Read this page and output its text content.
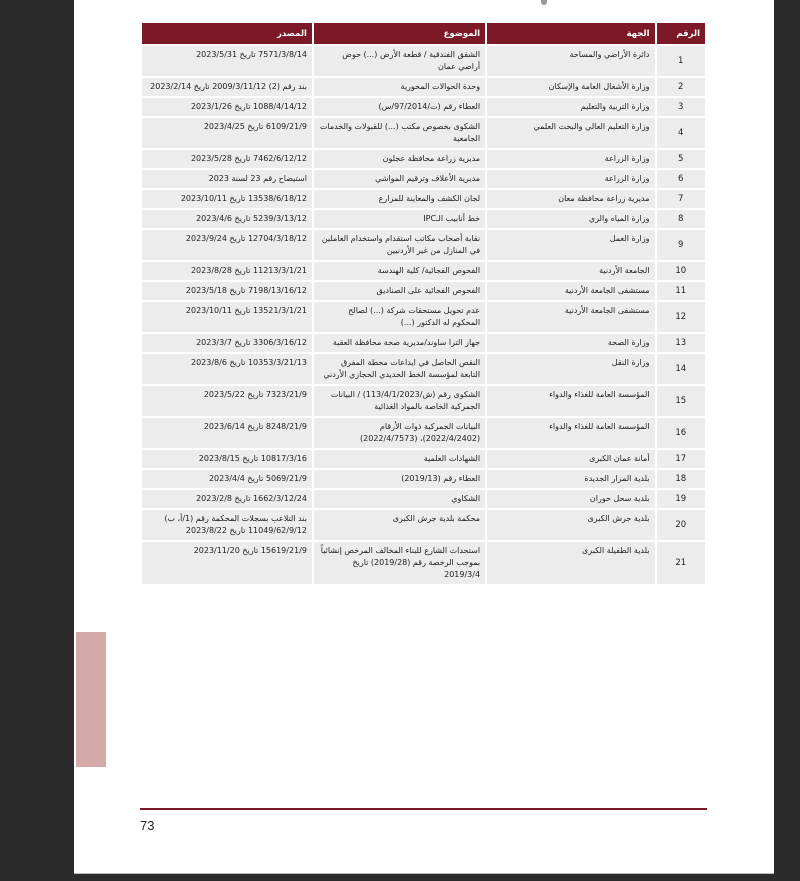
الرقم	الجهة	الموضوع	المصدر
1	دائرة الأراضي والمساحة	الشقق الفندقية / قطعة الأرض (...) حوض أراضي عمان	7571/3/8/14 تاريخ 2023/5/31
2	وزارة الأشغال العامة والإسكان	وحدة الحوالات المحورية	بند رقم (2) 2009/3/11/12 تاريخ 2023/2/14
3	وزارة التربية والتعليم	العطاء رقم (ت/97/2014/س)	1088/4/14/12 تاريخ 2023/1/26
4	وزارة التعليم العالي والبحث العلمي	الشكوى بخصوص مكتب (...) للقبولات والخدمات الجامعية	6109/21/9 تاريخ 2023/4/25
5	وزارة الزراعة	مديرية زراعة محافظة عجلون	7462/6/12/12 تاريخ 2023/5/28
6	وزارة الزراعة	مديرية الأعلاف وترقيم المواشي	استيضاح رقم 23 لسنة 2023
7	مديرية زراعة محافظة معان	لجان الكشف والمعاينة للمزارع	13538/6/18/12 تاريخ 2023/10/11
8	وزارة المياه والري	خط أنابيب الـIPC	5239/3/13/12 تاريخ 2023/4/6
9	وزارة العمل	نقابة أصحاب مكاتب استقدام واستخدام العاملين في المنازل من غير الأردنيين	12704/3/18/12 تاريخ 2023/9/24
10	الجامعة الأردنية	الفحوص الفجائية/ كلية الهندسة	11213/3/1/21 تاريخ 2023/8/28
11	مستشفى الجامعة الأردنية	الفحوص الفجائية على الصناديق	7198/13/16/12 تاريخ 2023/5/18
12	مستشفى الجامعة الأردنية	عدم تحويل مستحقات شركة (...) لصالح المحكوم له الدكتور (...)	13521/3/1/21 تاريخ 2023/10/11
13	وزارة الصحة	جهاز الترا ساوند/مديرية صحة محافظة العقبة	3306/3/16/12 تاريخ 2023/3/7
14	وزارة النقل	النقص الحاصل في ايداعات محطة المفرق التابعة لمؤسسة الخط الحديدي الحجازي الأردني	10353/3/21/13 تاريخ 2023/8/6
15	المؤسسة العامة للغذاء والدواء	الشكوى رقم (ش/113/4/1/2023) / البيانات الجمركية الخاصة بالمواد الغذائية	7323/21/9 تاريخ 2023/5/22
16	المؤسسة العامة للغذاء والدواء	البيانات الجمركية ذوات الأرقام (2022/4/2402)، (2022/4/7573)	8248/21/9 تاريخ 2023/6/14
17	أمانة عمان الكبرى	الشهادات العلمية	10817/3/16 تاريخ 2023/8/15
18	بلدية المزار الجديدة	العطاء رقم (2019/13)	5069/21/9 تاريخ 2023/4/4
19	بلدية سحل حوران	الشكاوي	1662/3/12/24 تاريخ 2023/2/8
20	بلدية جرش الكبرى	محكمة بلدية جرش الكبرى	بند التلاعب بسجلات المحكمة رقم (1/أ، ب) 11049/62/9/12 تاريخ 2023/8/22
21	بلدية الطفيلة الكبرى	استحداث الشارع للبناء المخالف المرخص إنشائياً بموجب الرخصة رقم (2019/28) تاريخ 2019/3/4	15619/21/9 تاريخ 2023/11/20
73
